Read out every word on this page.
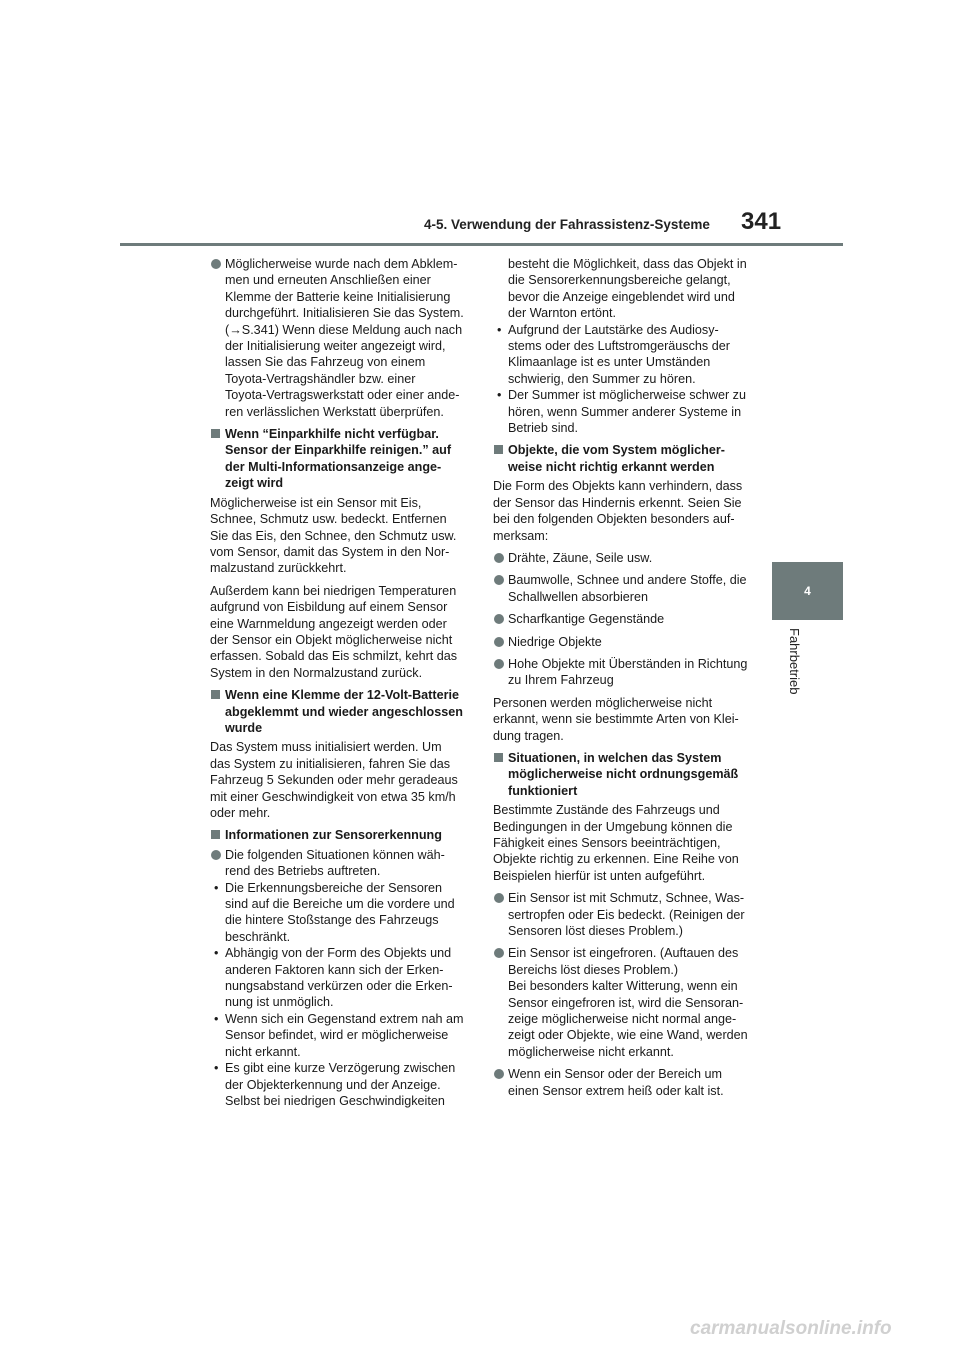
4-5. Verwendung der Fahrassistenz-Systeme 341
4
Fahrbetrieb
Möglicherweise wurde nach dem Abklem-
men und erneuten Anschließen einer
Klemme der Batterie keine Initialisierung
durchgeführt. Initialisieren Sie das System.
(→S.341) Wenn diese Meldung auch nach
der Initialisierung weiter angezeigt wird,
lassen Sie das Fahrzeug von einem
Toyota-Vertragshändler bzw. einer
Toyota-Vertragswerkstatt oder einer ande-
ren verlässlichen Werkstatt überprüfen.
Wenn “Einparkhilfe nicht verfügbar.
Sensor der Einparkhilfe reinigen.” auf
der Multi-Informationsanzeige ange-
zeigt wird
Möglicherweise ist ein Sensor mit Eis,
Schnee, Schmutz usw. bedeckt. Entfernen
Sie das Eis, den Schnee, den Schmutz usw.
vom Sensor, damit das System in den Nor-
malzustand zurückkehrt.
Außerdem kann bei niedrigen Temperaturen
aufgrund von Eisbildung auf einem Sensor
eine Warnmeldung angezeigt werden oder
der Sensor ein Objekt möglicherweise nicht
erfassen. Sobald das Eis schmilzt, kehrt das
System in den Normalzustand zurück.
Wenn eine Klemme der 12-Volt-Batterie
abgeklemmt und wieder angeschlossen
wurde
Das System muss initialisiert werden. Um
das System zu initialisieren, fahren Sie das
Fahrzeug 5 Sekunden oder mehr geradeaus
mit einer Geschwindigkeit von etwa 35 km/h
oder mehr.
Informationen zur Sensorerkennung
Die folgenden Situationen können wäh-
rend des Betriebs auftreten.
• Die Erkennungsbereiche der Sensoren
sind auf die Bereiche um die vordere und
die hintere Stoßstange des Fahrzeugs
beschränkt.
• Abhängig von der Form des Objekts und
anderen Faktoren kann sich der Erken-
nungsabstand verkürzen oder die Erken-
nung ist unmöglich.
• Wenn sich ein Gegenstand extrem nah am
Sensor befindet, wird er möglicherweise
nicht erkannt.
• Es gibt eine kurze Verzögerung zwischen
der Objekterkennung und der Anzeige.
Selbst bei niedrigen Geschwindigkeiten
besteht die Möglichkeit, dass das Objekt in
die Sensorerkennungsbereiche gelangt,
bevor die Anzeige eingeblendet wird und
der Warnton ertönt.
• Aufgrund der Lautstärke des Audiosy-
stems oder des Luftstromgeräuschs der
Klimaanlage ist es unter Umständen
schwierig, den Summer zu hören.
• Der Summer ist möglicherweise schwer zu
hören, wenn Summer anderer Systeme in
Betrieb sind.
Objekte, die vom System möglicher-
weise nicht richtig erkannt werden
Die Form des Objekts kann verhindern, dass
der Sensor das Hindernis erkennt. Seien Sie
bei den folgenden Objekten besonders auf-
merksam:
Drähte, Zäune, Seile usw.
Baumwolle, Schnee und andere Stoffe, die
Schallwellen absorbieren
Scharfkantige Gegenstände
Niedrige Objekte
Hohe Objekte mit Überständen in Richtung
zu Ihrem Fahrzeug
Personen werden möglicherweise nicht
erkannt, wenn sie bestimmte Arten von Klei-
dung tragen.
Situationen, in welchen das System
möglicherweise nicht ordnungsgemäß
funktioniert
Bestimmte Zustände des Fahrzeugs und
Bedingungen in der Umgebung können die
Fähigkeit eines Sensors beeinträchtigen,
Objekte richtig zu erkennen. Eine Reihe von
Beispielen hierfür ist unten aufgeführt.
Ein Sensor ist mit Schmutz, Schnee, Was-
sertropfen oder Eis bedeckt. (Reinigen der
Sensoren löst dieses Problem.)
Ein Sensor ist eingefroren. (Auftauen des
Bereichs löst dieses Problem.)
Bei besonders kalter Witterung, wenn ein
Sensor eingefroren ist, wird die Sensoran-
zeige möglicherweise nicht normal ange-
zeigt oder Objekte, wie eine Wand, werden
möglicherweise nicht erkannt.
Wenn ein Sensor oder der Bereich um
einen Sensor extrem heiß oder kalt ist.
carmanualsonline.info
